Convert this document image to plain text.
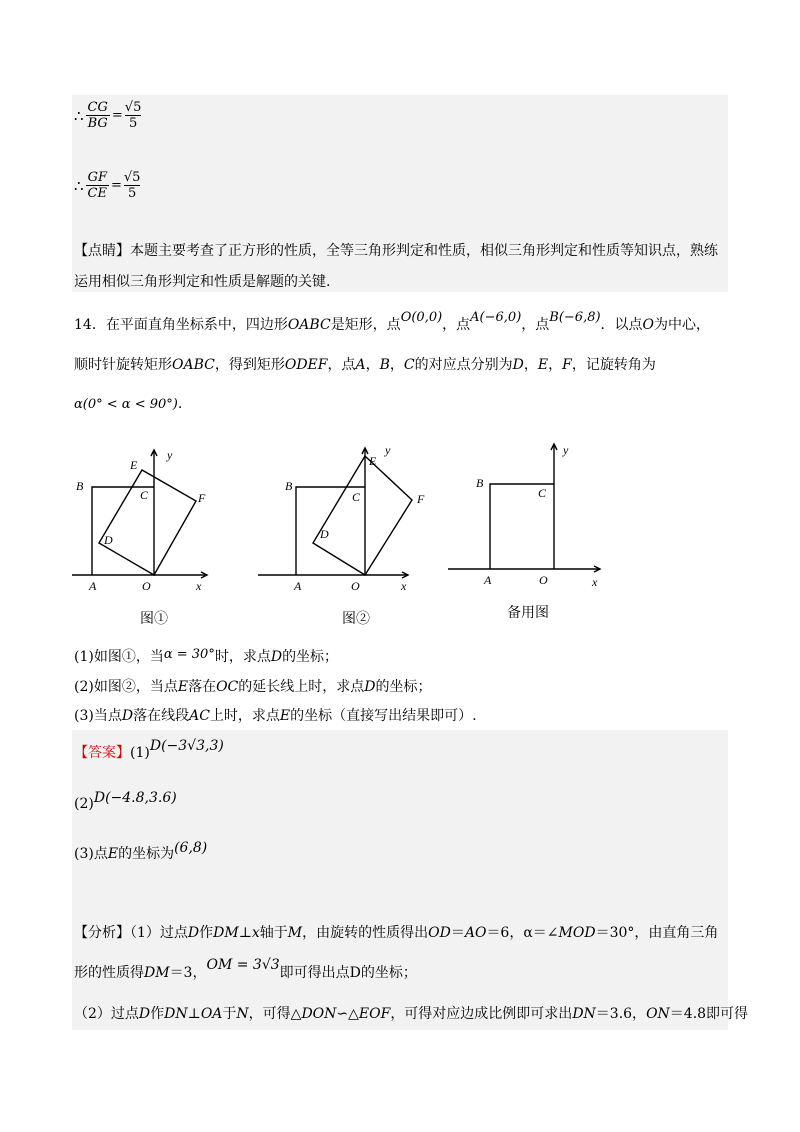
∴ $\frac{CG}{BG} = \frac{√5}{5}$
∴ $\frac{GF}{CE} = \frac{√5}{5}$
【点睛】本题主要考查了正方形的性质，全等三角形判定和性质，相似三角形判定和性质等知识点，熟练
运用相似三角形判定和性质是解题的关键.
14．在平面直角坐标系中，四边形OABC是矩形，点O(0,0)，点A(−6,0)，点B(−6,8)．以点O为中心，
顺时针旋转矩形OABC，得到矩形ODEF，点A，B，C的对应点分别为D，E，F，记旋转角为
α(0° < α < 90°).
y
x
E
B
C	F
D
A	O
图①
y
x
E
B
C	F
D
A	O
图②
y
x
B
C
A	O
备用图
(1)如图①，当α = 30°时，求点D的坐标；
(2)如图②，当点E落在OC的延长线上时，求点D的坐标；
(3)当点D落在线段AC上时，求点E的坐标（直接写出结果即可）.
【答案】(1)D(−3√3,3)
(2)D(−4.8,3.6)
(3)点E的坐标为(6,8)
【分析】（1）过点D作DM⊥x轴于M，由旋转的性质得出OD＝AO＝6，α＝∠MOD＝30°，由直角三角
形的性质得DM＝3，OM = 3√3即可得出点D的坐标；
（2）过点D作DN⊥OA于N，可得△DON∽△EOF，可得对应边成比例即可求出DN＝3.6，ON＝4.8即可得
